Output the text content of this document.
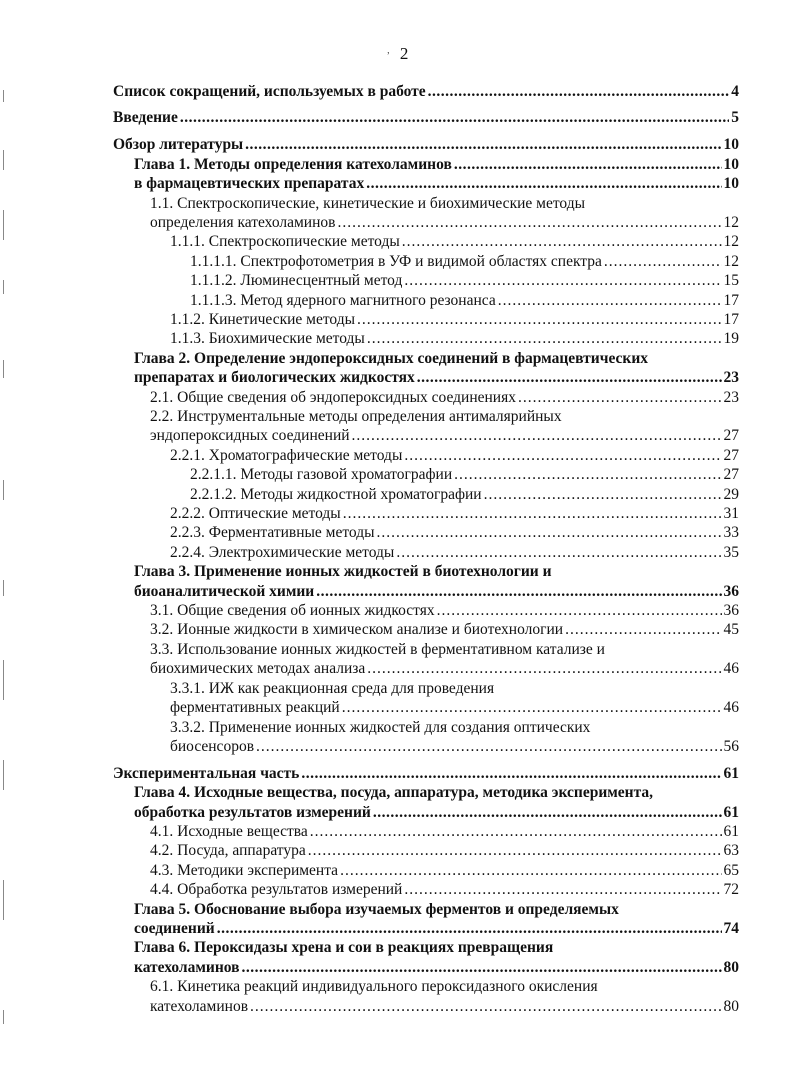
ʼ 2
Список сокращений, используемых в работе .....	4
Введение .....	5
Обзор литературы .....	10
Глава 1. Методы определения катехоламинов .....	10
в фармацевтических препаратах .....	10
1.1. Спектроскопические, кинетические и биохимические методы
определения катехоламинов .....	12
1.1.1. Спектроскопические методы .....	12
1.1.1.1. Спектрофотометрия в УФ и видимой областях спектра .....	12
1.1.1.2. Люминесцентный метод .....	15
1.1.1.3. Метод ядерного магнитного резонанса .....	17
1.1.2. Кинетические методы .....	17
1.1.3. Биохимические методы .....	19
Глава 2. Определение эндопероксидных соединений в фармацевтических
препаратах и биологических жидкостях .....	23
2.1. Общие сведения об эндопероксидных соединениях .....	23
2.2. Инструментальные методы определения антималярийных
эндопероксидных соединений .....	27
2.2.1. Хроматографические методы .....	27
2.2.1.1. Методы газовой хроматографии .....	27
2.2.1.2. Методы жидкостной хроматографии .....	29
2.2.2. Оптические методы .....	31
2.2.3. Ферментативные методы .....	33
2.2.4. Электрохимические методы .....	35
Глава 3. Применение ионных жидкостей в биотехнологии и
биоаналитической химии .....	36
3.1. Общие сведения об ионных жидкостях .....	36
3.2. Ионные жидкости в химическом анализе и биотехнологии .....	45
3.3. Использование ионных жидкостей в ферментативном катализе и
биохимических методах анализа .....	46
3.3.1. ИЖ как реакционная среда для проведения
ферментативных реакций .....	46
3.3.2. Применение ионных жидкостей для создания оптических
биосенсоров .....	56
Экспериментальная часть .....	61
Глава 4. Исходные вещества, посуда, аппаратура, методика эксперимента,
обработка результатов измерений .....	61
4.1. Исходные вещества .....	61
4.2. Посуда, аппаратура .....	63
4.3. Методики эксперимента .....	65
4.4. Обработка результатов измерений .....	72
Глава 5. Обоснование выбора изучаемых ферментов и определяемых
соединений .....	74
Глава 6. Пероксидазы хрена и сои в реакциях превращения
катехоламинов .....	80
6.1. Кинетика реакций индивидуального пероксидазного окисления
катехоламинов .....	80
